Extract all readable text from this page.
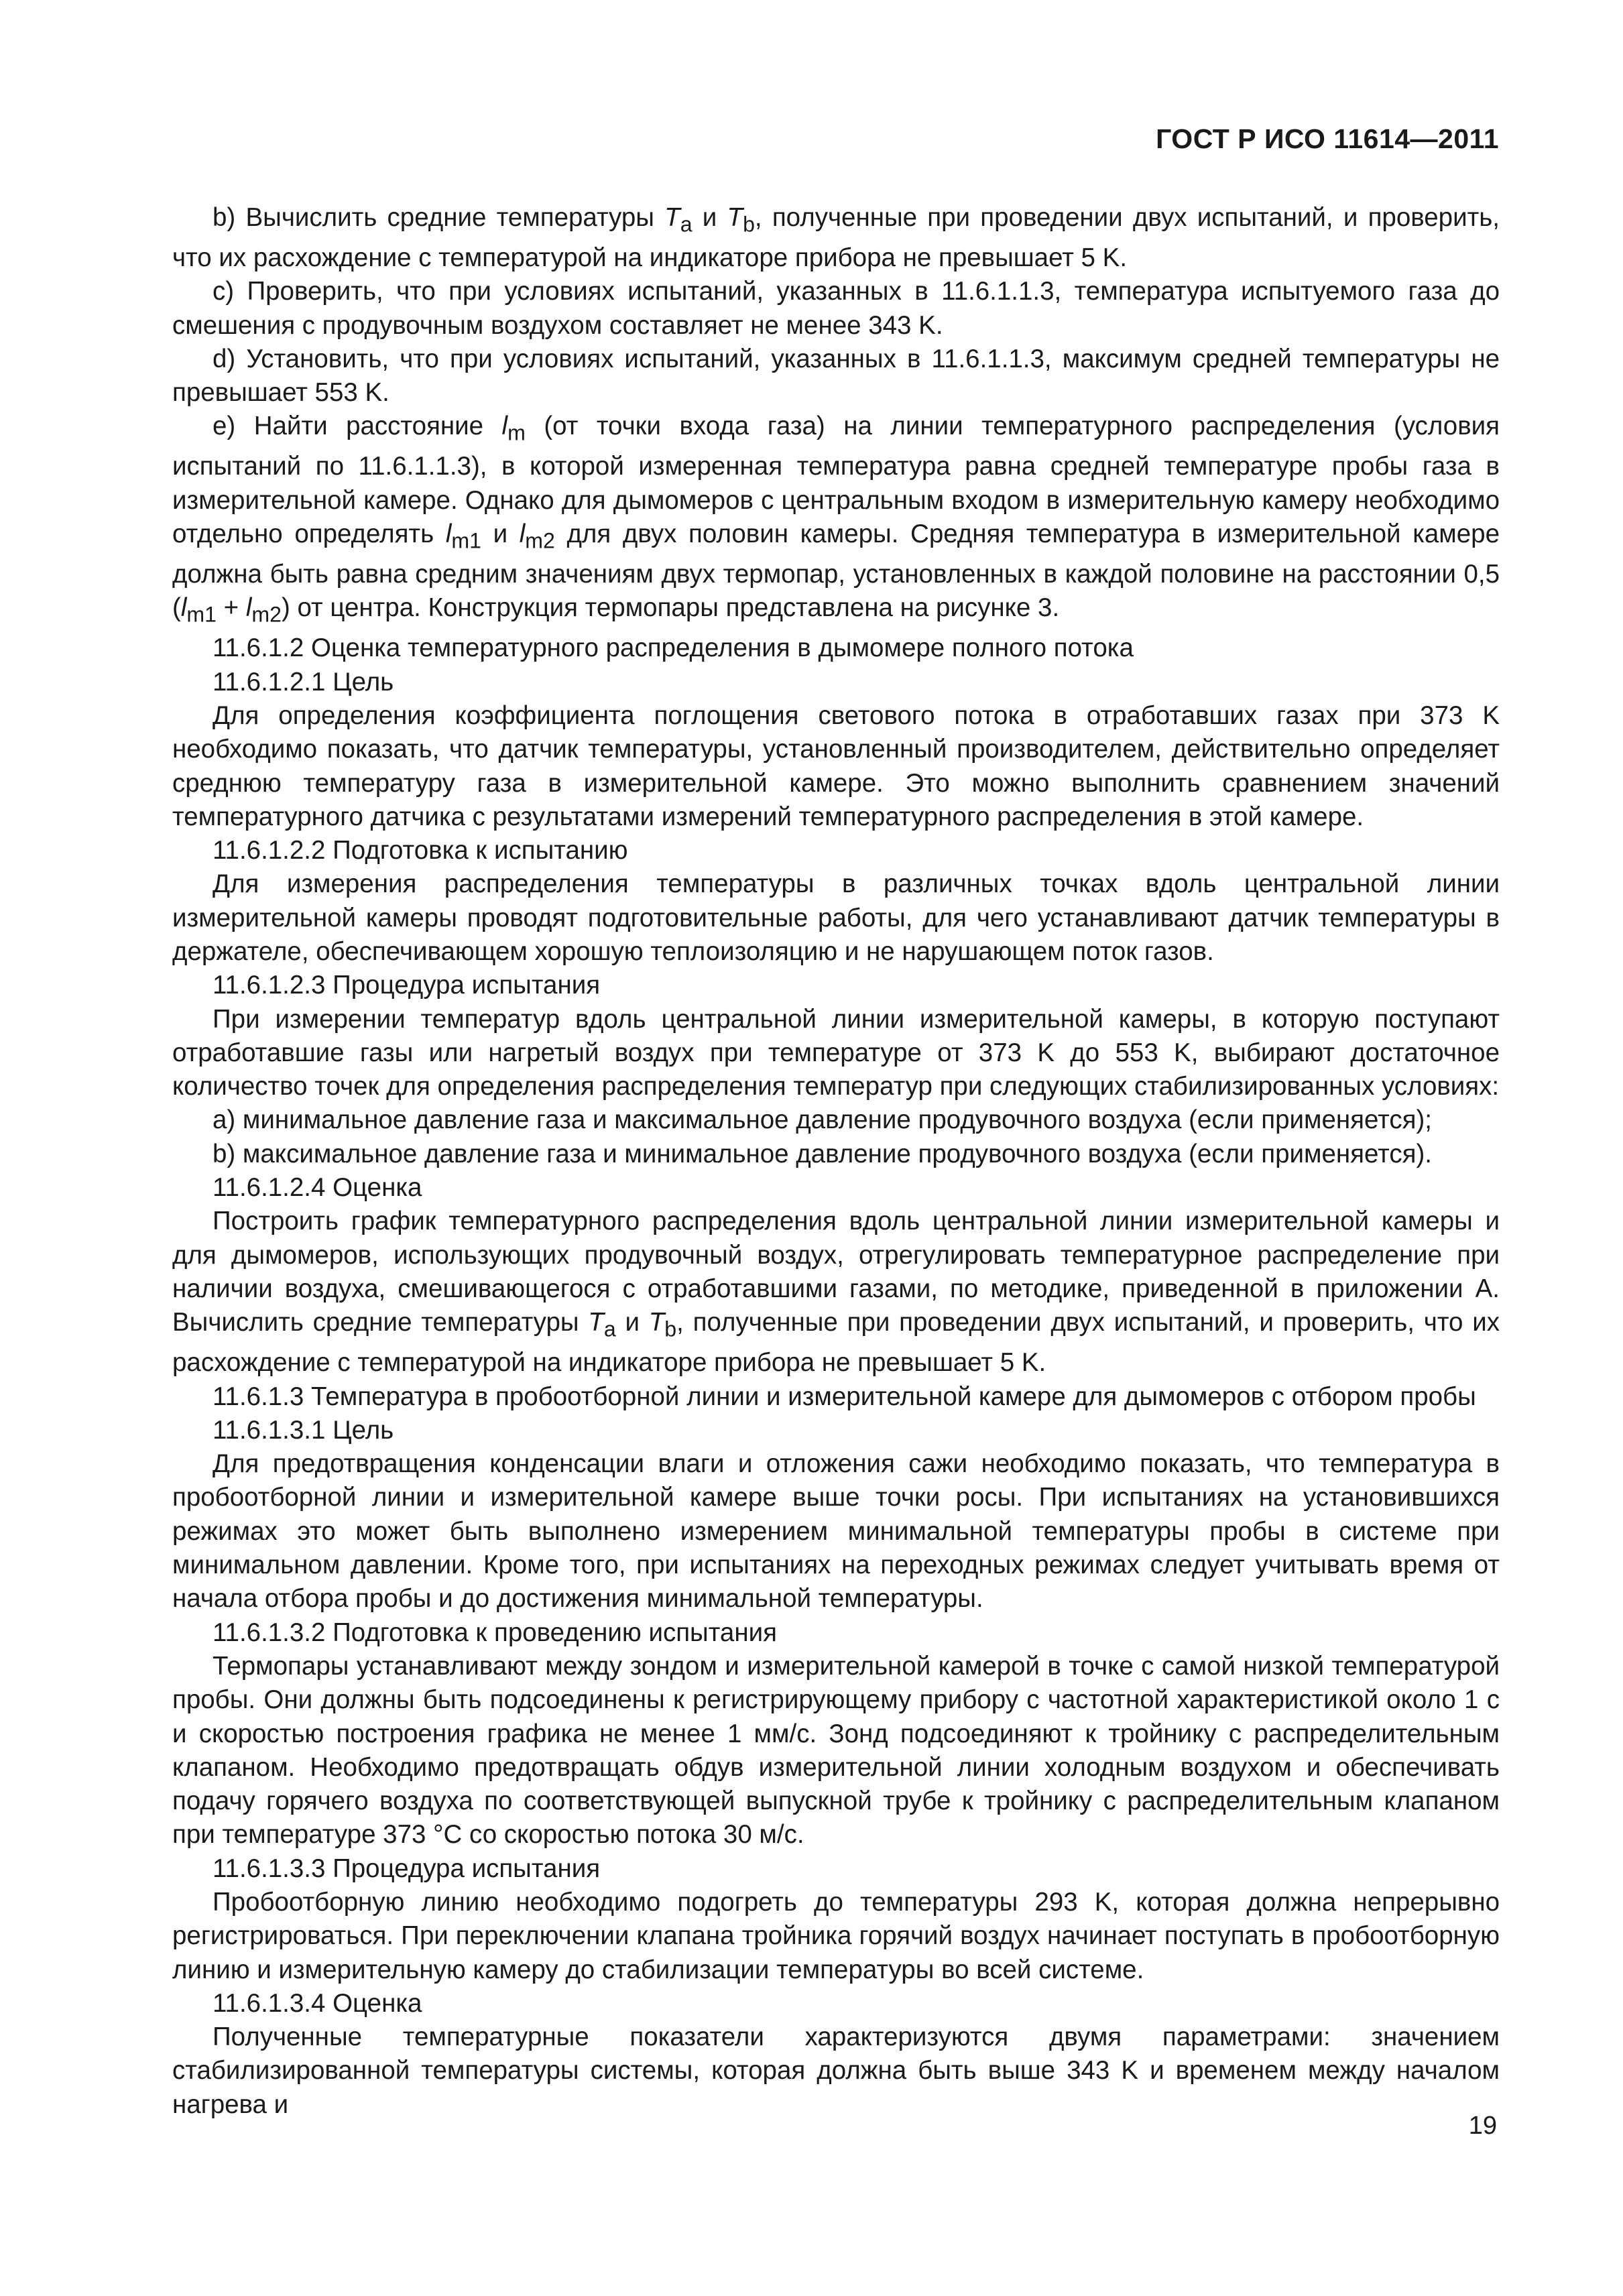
ГОСТ Р ИСО 11614—2011

b) Вычислить средние температуры $T_a$ и $T_b$, полученные при проведении двух испытаний, и проверить, что их расхождение с температурой на индикаторе прибора не превышает 5 K.

c) Проверить, что при условиях испытаний, указанных в 11.6.1.1.3, температура испытуемого газа до смешения с продувочным воздухом составляет не менее 343 K.

d) Установить, что при условиях испытаний, указанных в 11.6.1.1.3, максимум средней температуры не превышает 553 K.

e) Найти расстояние $l_m$ (от точки входа газа) на линии температурного распределения (условия испытаний по 11.6.1.1.3), в которой измеренная температура равна средней температуре пробы газа в измерительной камере. Однако для дымомеров с центральным входом в измерительную камеру необходимо отдельно определять $l_{m1}$ и $l_{m2}$ для двух половин камеры. Средняя температура в измерительной камере должна быть равна средним значениям двух термопар, установленных в каждой половине на расстоянии 0,5 $(l_{m1} + l_{m2})$ от центра. Конструкция термопары представлена на рисунке 3.

11.6.1.2 Оценка температурного распределения в дымомере полного потока

11.6.1.2.1 Цель

Для определения коэффициента поглощения светового потока в отработавших газах при 373 K необходимо показать, что датчик температуры, установленный производителем, действительно определяет среднюю температуру газа в измерительной камере. Это можно выполнить сравнением значений температурного датчика с результатами измерений температурного распределения в этой камере.

11.6.1.2.2 Подготовка к испытанию

Для измерения распределения температуры в различных точках вдоль центральной линии измерительной камеры проводят подготовительные работы, для чего устанавливают датчик температуры в держателе, обеспечивающем хорошую теплоизоляцию и не нарушающем поток газов.

11.6.1.2.3 Процедура испытания

При измерении температур вдоль центральной линии измерительной камеры, в которую поступают отработавшие газы или нагретый воздух при температуре от 373 K до 553 K, выбирают достаточное количество точек для определения распределения температур при следующих стабилизированных условиях:

a) минимальное давление газа и максимальное давление продувочного воздуха (если применяется);

b) максимальное давление газа и минимальное давление продувочного воздуха (если применяется).

11.6.1.2.4 Оценка

Построить график температурного распределения вдоль центральной линии измерительной камеры и для дымомеров, использующих продувочный воздух, отрегулировать температурное распределение при наличии воздуха, смешивающегося с отработавшими газами, по методике, приведенной в приложении A. Вычислить средние температуры $T_a$ и $T_b$, полученные при проведении двух испытаний, и проверить, что их расхождение с температурой на индикаторе прибора не превышает 5 K.

11.6.1.3 Температура в пробоотборной линии и измерительной камере для дымомеров с отбором пробы

11.6.1.3.1 Цель

Для предотвращения конденсации влаги и отложения сажи необходимо показать, что температура в пробоотборной линии и измерительной камере выше точки росы. При испытаниях на установившихся режимах это может быть выполнено измерением минимальной температуры пробы в системе при минимальном давлении. Кроме того, при испытаниях на переходных режимах следует учитывать время от начала отбора пробы и до достижения минимальной температуры.

11.6.1.3.2 Подготовка к проведению испытания

Термопары устанавливают между зондом и измерительной камерой в точке с самой низкой температурой пробы. Они должны быть подсоединены к регистрирующему прибору с частотной характеристикой около 1 с и скоростью построения графика не менее 1 мм/с. Зонд подсоединяют к тройнику с распределительным клапаном. Необходимо предотвращать обдув измерительной линии холодным воздухом и обеспечивать подачу горячего воздуха по соответствующей выпускной трубе к тройнику с распределительным клапаном при температуре 373 °C со скоростью потока 30 м/с.

11.6.1.3.3 Процедура испытания

Пробоотборную линию необходимо подогреть до температуры 293 K, которая должна непрерывно регистрироваться. При переключении клапана тройника горячий воздух начинает поступать в пробоотборную линию и измерительную камеру до стабилизации температуры во всей системе.

11.6.1.3.4 Оценка

Полученные температурные показатели характеризуются двумя параметрами: значением стабилизированной температуры системы, которая должна быть выше 343 K и временем между началом нагрева и

19
